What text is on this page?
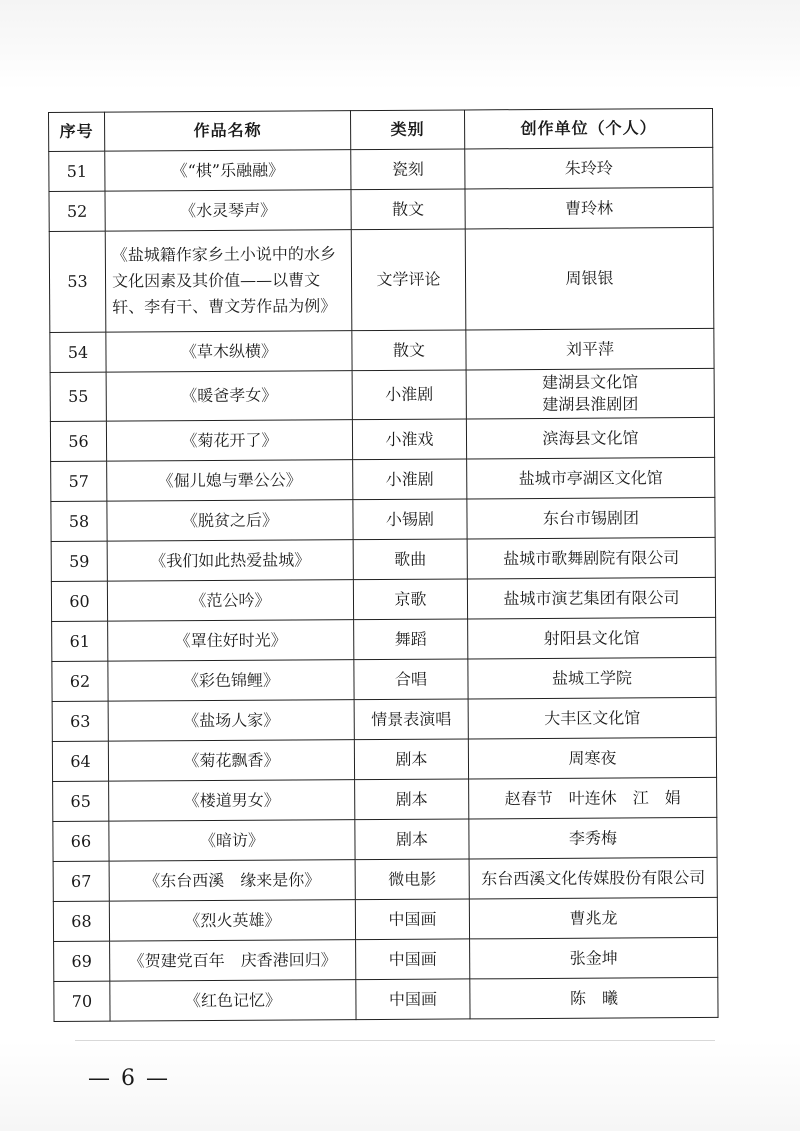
序号	作品名称	类别	创作单位（个人）
51	《“棋”乐融融》	瓷刻	朱玲玲

52	《水灵琴声》	散文	曹玲林

53	《盐城籍作家乡土小说中的水乡文化因素及其价值——以曹文轩、李有干、曹文芳作品为例》	文学评论	周银银

54	《草木纵横》	散文	刘平萍

55	《暖爸孝女》	小淮剧	建湖县文化馆
建湖县淮剧团

56	《菊花开了》	小淮戏	滨海县文化馆

57	《倔儿媳与犟公公》	小淮剧	盐城市亭湖区文化馆

58	《脱贫之后》	小锡剧	东台市锡剧团

59	《我们如此热爱盐城》	歌曲	盐城市歌舞剧院有限公司

60	《范公吟》	京歌	盐城市演艺集团有限公司

61	《罩住好时光》	舞蹈	射阳县文化馆

62	《彩色锦鲤》	合唱	盐城工学院

63	《盐场人家》	情景表演唱	大丰区文化馆

64	《菊花飘香》	剧本	周寒夜

65	《楼道男女》	剧本	赵春节　叶连休　江　娟

66	《暗访》	剧本	李秀梅

67	《东台西溪　缘来是你》	微电影	东台西溪文化传媒股份有限公司

68	《烈火英雄》	中国画	曹兆龙

69	《贺建党百年　庆香港回归》	中国画	张金坤

70	《红色记忆》	中国画	陈　曦
— 6 —
